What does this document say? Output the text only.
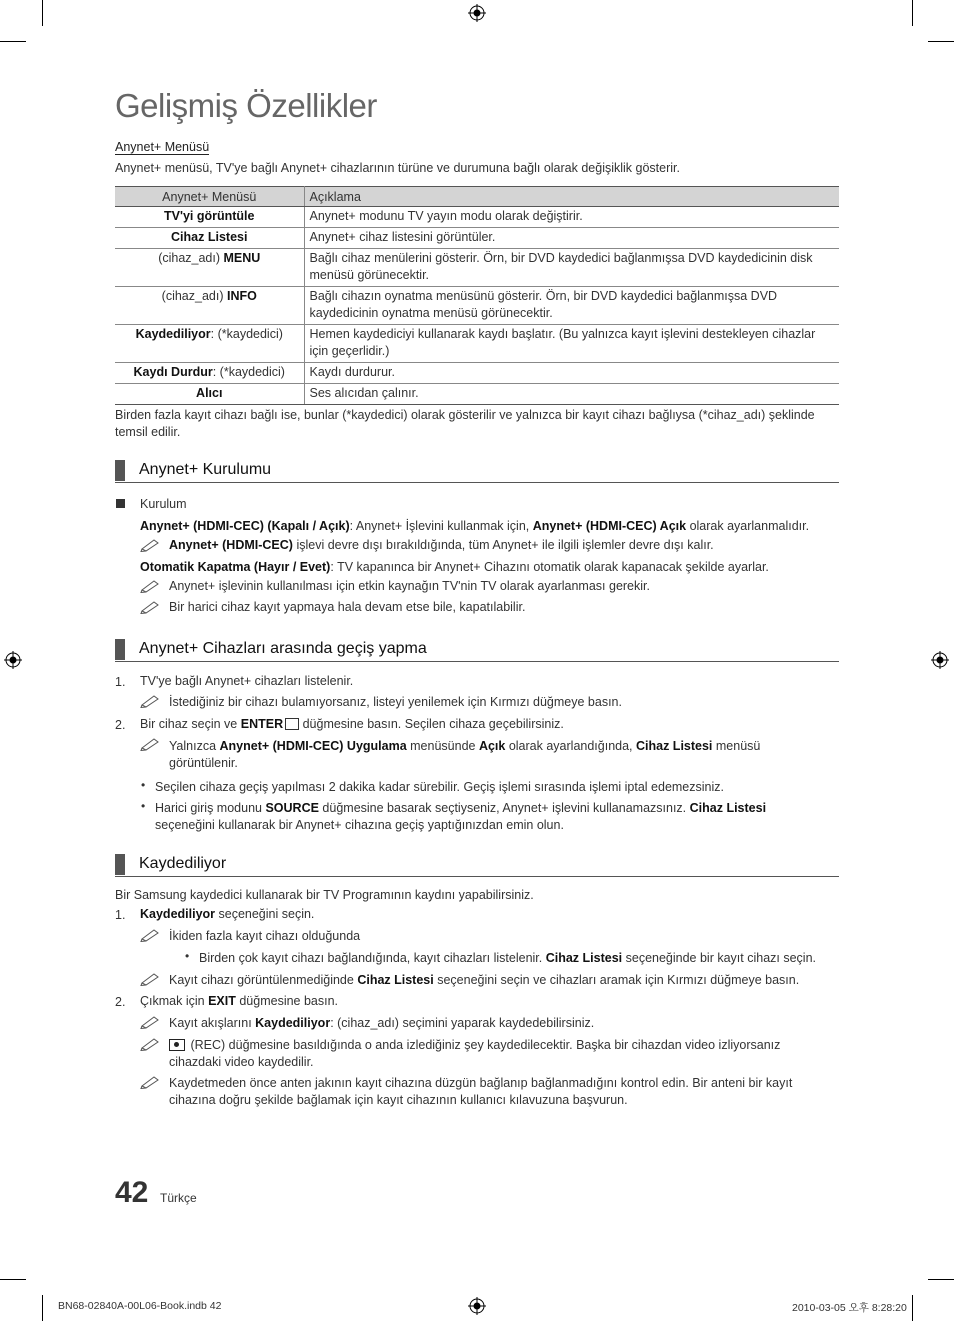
Gelişmiş Özellikler
Anynet+ Menüsü
Anynet+ menüsü, TV'ye bağlı Anynet+ cihazlarının türüne ve durumuna bağlı olarak değişiklik gösterir.
Anynet+ Menüsü	Açıklama
TV'yi görüntüle	Anynet+ modunu TV yayın modu olarak değiştirir.
Cihaz Listesi	Anynet+ cihaz listesini görüntüler.
(cihaz_adı) MENU	Bağlı cihaz menülerini gösterir. Örn, bir DVD kaydedici bağlanmışsa DVD kaydedicinin disk menüsü görünecektir.
(cihaz_adı) INFO	Bağlı cihazın oynatma menüsünü gösterir. Örn, bir DVD kaydedici bağlanmışsa DVD kaydedicinin oynatma menüsü görünecektir.
Kaydediliyor: (*kaydedici)	Hemen kaydediciyi kullanarak kaydı başlatır. (Bu yalnızca kayıt işlevini destekleyen cihazlar için geçerlidir.)
Kaydı Durdur: (*kaydedici)	Kaydı durdurur.
Alıcı	Ses alıcıdan çalınır.
Birden fazla kayıt cihazı bağlı ise, bunlar (*kaydedici) olarak gösterilir ve yalnızca bir kayıt cihazı bağlıysa (*cihaz_adı) şeklinde temsil edilir.
Anynet+ Kurulumu
Kurulum
Anynet+ (HDMI-CEC) (Kapalı / Açık): Anynet+ İşlevini kullanmak için, Anynet+ (HDMI-CEC) Açık olarak ayarlanmalıdır.
Anynet+ (HDMI-CEC) işlevi devre dışı bırakıldığında, tüm Anynet+ ile ilgili işlemler devre dışı kalır.
Otomatik Kapatma (Hayır / Evet): TV kapanınca bir Anynet+ Cihazını otomatik olarak kapanacak şekilde ayarlar.
Anynet+ işlevinin kullanılması için etkin kaynağın TV'nin TV olarak ayarlanması gerekir.
Bir harici cihaz kayıt yapmaya hala devam etse bile, kapatılabilir.
Anynet+ Cihazları arasında geçiş yapma
1. TV'ye bağlı Anynet+ cihazları listelenir.
İstediğiniz bir cihazı bulamıyorsanız, listeyi yenilemek için Kırmızı düğmeye basın.
2. Bir cihaz seçin ve ENTER düğmesine basın. Seçilen cihaza geçebilirsiniz.
Yalnızca Anynet+ (HDMI-CEC) Uygulama menüsünde Açık olarak ayarlandığında, Cihaz Listesi menüsü
görüntülenir.
• Seçilen cihaza geçiş yapılması 2 dakika kadar sürebilir. Geçiş işlemi sırasında işlemi iptal edemezsiniz.
• Harici giriş modunu SOURCE düğmesine basarak seçtiyseniz, Anynet+ işlevini kullanamazsınız. Cihaz Listesi
seçeneğini kullanarak bir Anynet+ cihazına geçiş yaptığınızdan emin olun.
Kaydediliyor
Bir Samsung kaydedici kullanarak bir TV Programının kaydını yapabilirsiniz.
1. Kaydediliyor seçeneğini seçin.
İkiden fazla kayıt cihazı olduğunda
• Birden çok kayıt cihazı bağlandığında, kayıt cihazları listelenir. Cihaz Listesi seçeneğinde bir kayıt cihazı seçin.
Kayıt cihazı görüntülenmediğinde Cihaz Listesi seçeneğini seçin ve cihazları aramak için Kırmızı düğmeye basın.
2. Çıkmak için EXIT düğmesine basın.
Kayıt akışlarını Kaydediliyor: (cihaz_adı) seçimini yaparak kaydedebilirsiniz.
(REC) düğmesine basıldığında o anda izlediğiniz şey kaydedilecektir. Başka bir cihazdan video izliyorsanız
cihazdaki video kaydedilir.
Kaydetmeden önce anten jakının kayıt cihazına düzgün bağlanıp bağlanmadığını kontrol edin. Bir anteni bir kayıt
cihazına doğru şekilde bağlamak için kayıt cihazının kullanıcı kılavuzuna başvurun.
42 Türkçe
BN68-02840A-00L06-Book.indb 42	2010-03-05 오후 8:28:20
